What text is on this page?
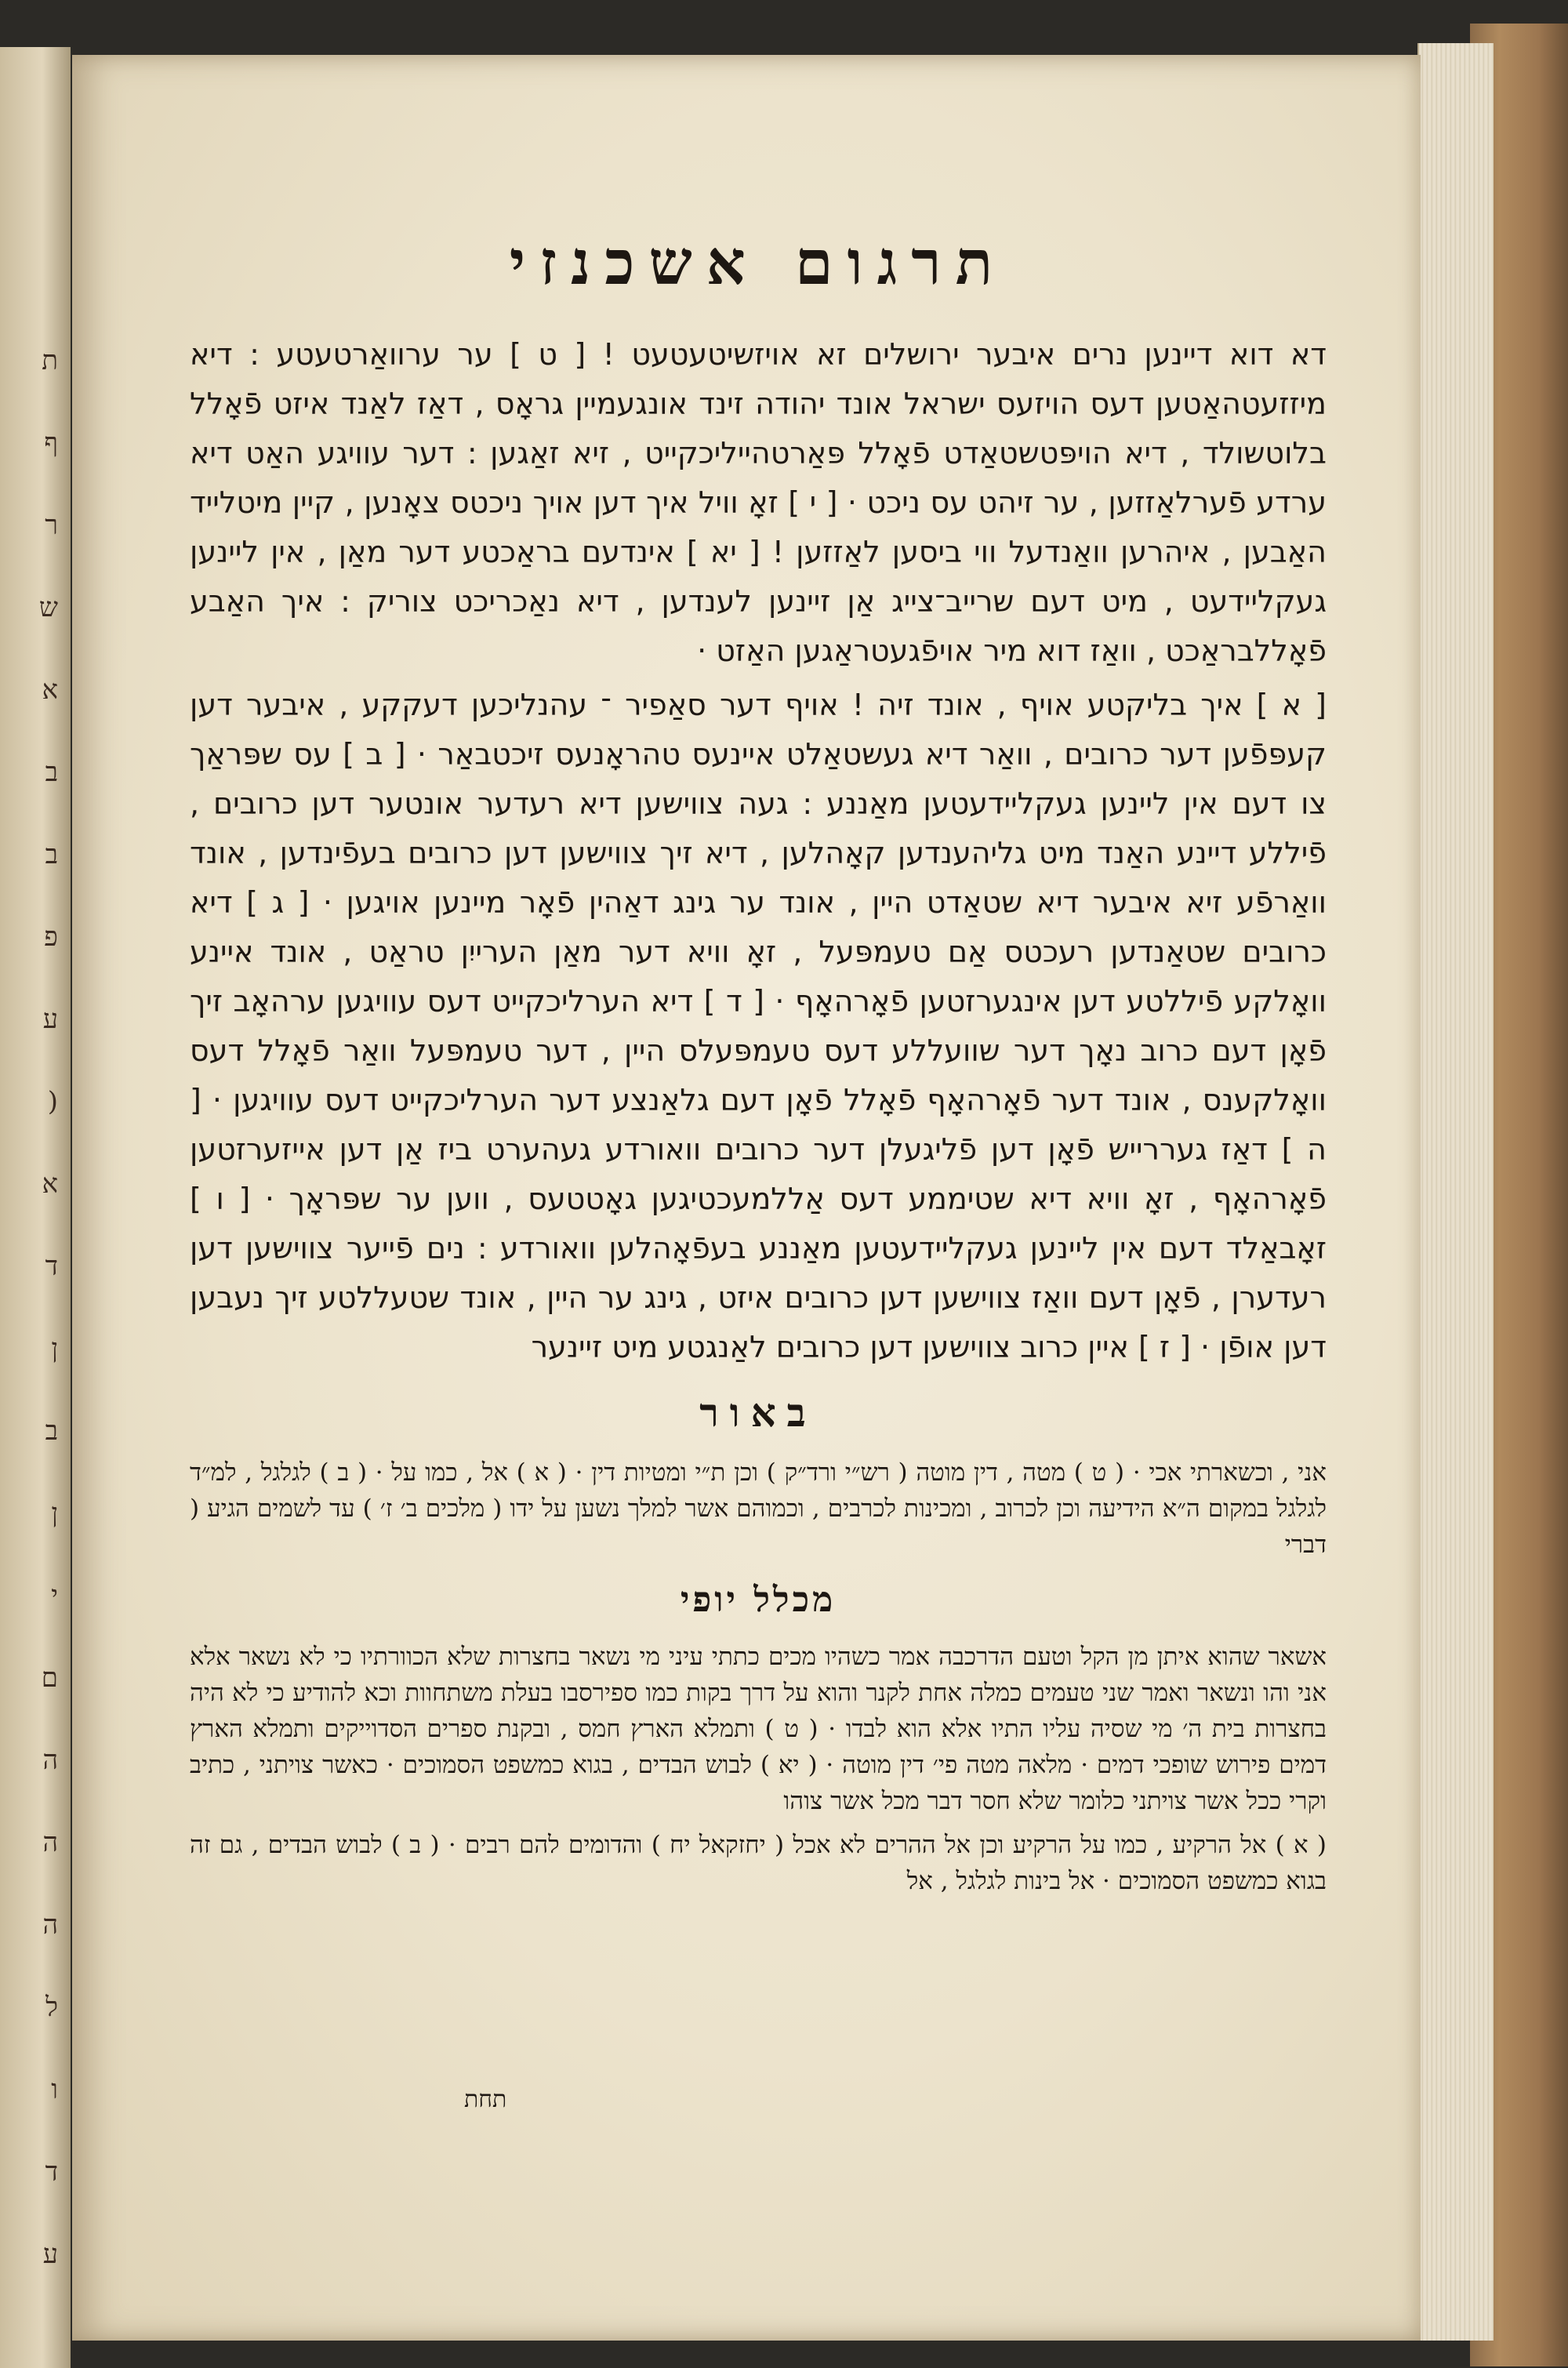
ת
ף
ר
ש
א
ב
ב
פ
ע
(
א
ד
ן
ב
ן
י
ם
ה
ה
ה
ל
ו
ד
ע
תרגום אשכנזי

דא דוא דיינען נרים איבער ירושלים זא אויזשיטעטעט ! [ ט ] ער ערוואַרטעטע : דיא מיזזעטהאַטען דעס הויזעס ישראל אונד יהודה זינד אונגעמיין גראָס , דאַז לאַנד איזט פֿאָלל בלוטשולד , דיא הויפּטשטאַדט פֿאָלל פּאַרטהייליכקייט , זיא זאַגען : דער עוויגע האַט דיא ערדע פֿערלאַזזען , ער זיהט עס ניכט · [ י ] זאָ וויל איך דען אויך ניכטס צאָנען , קיין מיטלייד האַבען , איהרען וואַנדעל ווי ביסען לאַזזען ! [ יא ] אינדעם בראַכטע דער מאַן , אין ליינען געקליידעט , מיט דעם שרייב־צייג אַן זיינען לענדען , דיא נאַכריכט צוריק : איך האַבע פֿאָללבראַכט , וואַז דוא מיר אויפֿגעטראַגען האַזט ·

[ א ] איך בליקטע אויף , אונד זיה ! אויף דער סאַפיר ־ עהנליכען דעקקע , איבער דען קעפּפֿען דער כרובים , וואַר דיא געשטאַלט איינעס טהראָנעס זיכטבאַר · [ ב ] עס שפּראַך צו דעם אין ליינען געקליידעטען מאַננע : געה צווישען דיא רעדער אונטער דען כרובים , פֿיללע דיינע האַנד מיט גליהענדען קאָהלען , דיא זיך צווישען דען כרובים בעפֿינדען , אונד וואַרפֿע זיא איבער דיא שטאַדט היין , אונד ער גינג דאַהין פֿאָר מיינען אויגען · [ ג ] דיא כרובים שטאַנדען רעכטס אַם טעמפּעל , זאָ וויא דער מאַן הערייִן טראַט , אונד איינע וואָלקע פֿיללטע דען אינגערזטען פֿאָרהאָף · [ ד ] דיא הערליכקייט דעס עוויגען ערהאָב זיך פֿאָן דעם כרוב נאָך דער שוועללע דעס טעמפּעלס היין , דער טעמפּעל וואַר פֿאָלל דעס וואָלקענס , אונד דער פֿאָרהאָף פֿאָלל פֿאָן דעם גלאַנצע דער הערליכקייט דעס עוויגען · [ ה ] דאַז געררייש פֿאָן דען פֿליגעלן דער כרובים וואורדע געהערט ביז אַן דען אייזערזטען פֿאָרהאָף , זאָ וויא דיא שטיממע דעס אַללמעכטיגען גאָטטעס , ווען ער שפּראָך · [ ו ] זאָבאַלד דעם אין ליינען געקליידעטען מאַננע בעפֿאָהלען וואורדע : נים פֿייער צווישען דען רעדערן , פֿאָן דעם וואַז צווישען דען כרובים איזט , גינג ער היין , אונד שטעללטע זיך נעבען דען אופֿן · [ ז ] איין כרוב צווישען דען כרובים לאַנגטע מיט זיינער

באור

אני , וכשארתי אכי · ( ט ) מטה , דין מוטה ( רש״י ורד״ק ) וכן ת״י ומטיות דין · ( א ) אל , כמו על · ( ב ) לגלגל , למ״ד לגלגל במקום ה״א הידיעה וכן לכרוב , ומכינות לכרבים , וכמוהם אשר למלך נשען על ידו ( מלכים ב׳ ז׳ ) עד לשמים הגיע ( דברי

מכלל יופי

אשאר שהוא איתן מן הקל וטעם הדרכבה אמר כשהיו מכים כתתי עיני מי נשאר בחצרות שלא הכוורתיו כי לא נשאר אלא אני והו ונשאר ואמר שני טעמים כמלה אחת לקנר והוא על דרך בקות כמו ספירסבו בעלת משתחוות וכא להודיע כי לא היה בחצרות בית ה׳ מי שסיה עליו התיו אלא הוא לבדו · ( ט ) ותמלא הארץ חמס , ובקנת ספרים הסדוייקים ותמלא הארץ דמים פירוש שופכי דמים · מלאה מטה פי׳ דין מוטה · ( יא ) לבוש הבדים , בגוא כמשפט הסמוכים · כאשר צויתני , כתיב וקרי ככל אשר צויתני כלומר שלא חסר דבר מכל אשר צוהו

( א ) אל הרקיע , כמו על הרקיע וכן אל ההרים לא אכל ( יחזקאל יח ) והדומים להם רבים · ( ב ) לבוש הבדים , גם זה בגוא כמשפט הסמוכים · אל בינות לגלגל , אל

תחת
